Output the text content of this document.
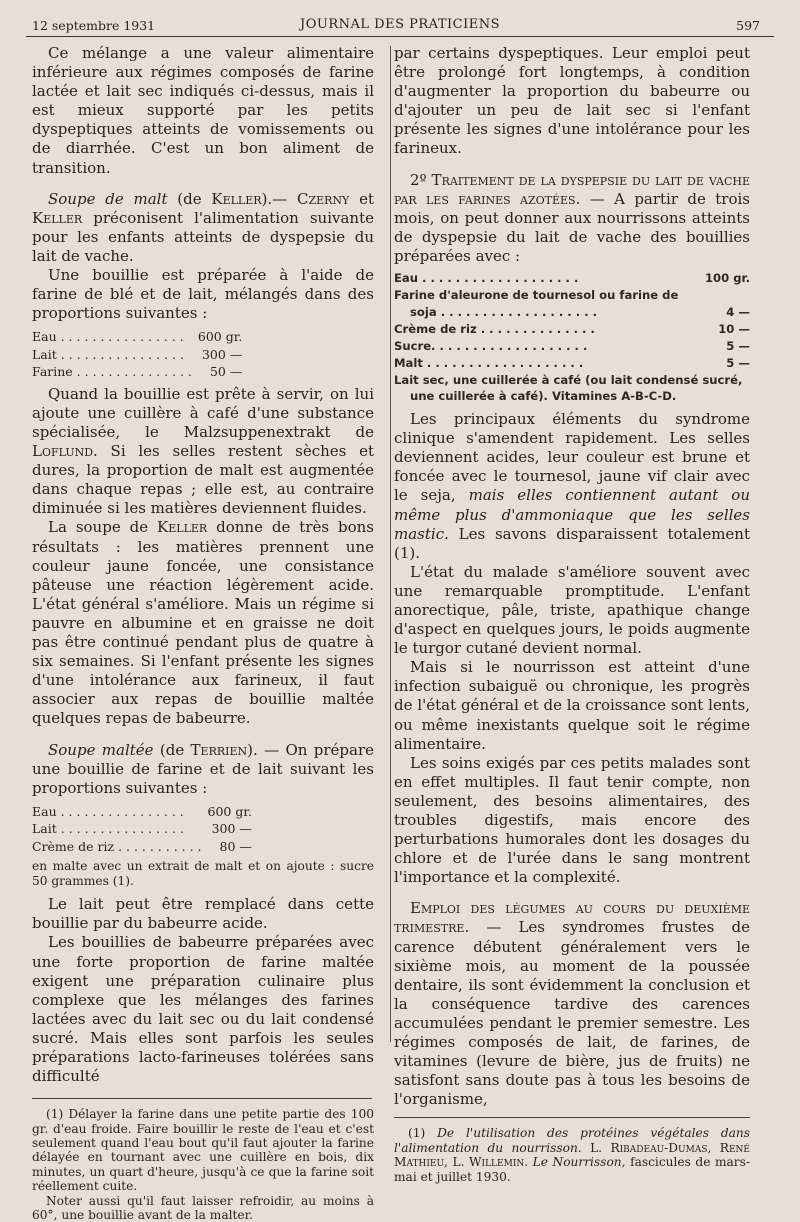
12 septembre 1931	JOURNAL DES PRATICIENS	597

Ce mélange a une valeur alimentaire inférieure aux régimes composés de farine lactée et lait sec indiqués ci-dessus, mais il est mieux supporté par les petits dyspeptiques atteints de vomissements ou de diarrhée. C'est un bon aliment de transition.

Soupe de malt (de Keller).— Czerny et Keller préconisent l'alimentation suivante pour les enfants atteints de dyspepsie du lait de vache.

Une bouillie est préparée à l'aide de farine de blé et de lait, mélangés dans des proportions suivantes :

Eau . . . . . . . . . . . . . . . .	600 gr.
Lait . . . . . . . . . . . . . . . .	300 —
Farine . . . . . . . . . . . . . . .	50 —

Quand la bouillie est prête à servir, on lui ajoute une cuillère à café d'une substance spécialisée, le Malzsuppenextrakt de Loflund. Si les selles restent sèches et dures, la proportion de malt est augmentée dans chaque repas ; elle est, au contraire diminuée si les matières deviennent fluides.

La soupe de Keller donne de très bons résultats : les matières prennent une couleur jaune foncée, une consistance pâteuse une réaction légèrement acide. L'état général s'améliore. Mais un régime si pauvre en albumine et en graisse ne doit pas être continué pendant plus de quatre à six semaines. Si l'enfant présente les signes d'une intolérance aux farineux, il faut associer aux repas de bouillie maltée quelques repas de babeurre.

Soupe maltée (de Terrien). — On prépare une bouillie de farine et de lait suivant les proportions suivantes :

Eau . . . . . . . . . . . . . . . .	600 gr.
Lait . . . . . . . . . . . . . . . .	300 —
Crème de riz . . . . . . . . . . .	80 —

en malte avec un extrait de malt et on ajoute : sucre 50 grammes (1).

Le lait peut être remplacé dans cette bouillie par du babeurre acide.

Les bouillies de babeurre préparées avec une forte proportion de farine maltée exigent une préparation culinaire plus complexe que les mélanges des farines lactées avec du lait sec ou du lait condensé sucré. Mais elles sont parfois les seules préparations lacto-farineuses tolérées sans difficulté

(1) Délayer la farine dans une petite partie des 100 gr. d'eau froide. Faire bouillir le reste de l'eau et c'est seulement quand l'eau bout qu'il faut ajouter la farine délayée en tournant avec une cuillère en bois, dix minutes, un quart d'heure, jusqu'à ce que la farine soit réellement cuite.

Noter aussi qu'il faut laisser refroidir, au moins à 60°, une bouillie avant de la malter.

par certains dyspeptiques. Leur emploi peut être prolongé fort longtemps, à condition d'augmenter la proportion du babeurre ou d'ajouter un peu de lait sec si l'enfant présente les signes d'une intolérance pour les farineux.

2º Traitement de la dyspepsie du lait de vache par les farines azotées. — A partir de trois mois, on peut donner aux nourrissons atteints de dyspepsie du lait de vache des bouillies préparées avec :

Eau . . . . . . . . . . . . . . . . . . .	100 gr.
Farine d'aleurone de tournesol ou farine de
soja . . . . . . . . . . . . . . . . . . .	4 —
Crème de riz . . . . . . . . . . . . . .	10 —
Sucre. . . . . . . . . . . . . . . . . . .	5 —
Malt . . . . . . . . . . . . . . . . . . .	5 —
Lait sec, une cuillerée à café (ou lait condensé sucré, une cuillerée à café). Vitamines A-B-C-D.

Les principaux éléments du syndrome clinique s'amendent rapidement. Les selles deviennent acides, leur couleur est brune et foncée avec le tournesol, jaune vif clair avec le seja, mais elles contiennent autant ou même plus d'ammoniaque que les selles mastic. Les savons disparaissent totalement (1).

L'état du malade s'améliore souvent avec une remarquable promptitude. L'enfant anorectique, pâle, triste, apathique change d'aspect en quelques jours, le poids augmente le turgor cutané devient normal.

Mais si le nourrisson est atteint d'une infection subaiguë ou chronique, les progrès de l'état général et de la croissance sont lents, ou même inexistants quelque soit le régime alimentaire.

Les soins exigés par ces petits malades sont en effet multiples. Il faut tenir compte, non seulement, des besoins alimentaires, des troubles digestifs, mais encore des perturbations humorales dont les dosages du chlore et de l'urée dans le sang montrent l'importance et la complexité.

Emploi des légumes au cours du deuxième trimestre. — Les syndromes frustes de carence débutent généralement vers le sixième mois, au moment de la poussée dentaire, ils sont évidemment la conclusion et la conséquence tardive des carences accumulées pendant le premier semestre. Les régimes composés de lait, de farines, de vitamines (levure de bière, jus de fruits) ne satisfont sans doute pas à tous les besoins de l'organisme,

(1) De l'utilisation des protéines végétales dans l'alimentation du nourrisson. L. Ribadeau-Dumas, René Mathieu, L. Willemin. Le Nourrisson, fascicules de mars-mai et juillet 1930.
